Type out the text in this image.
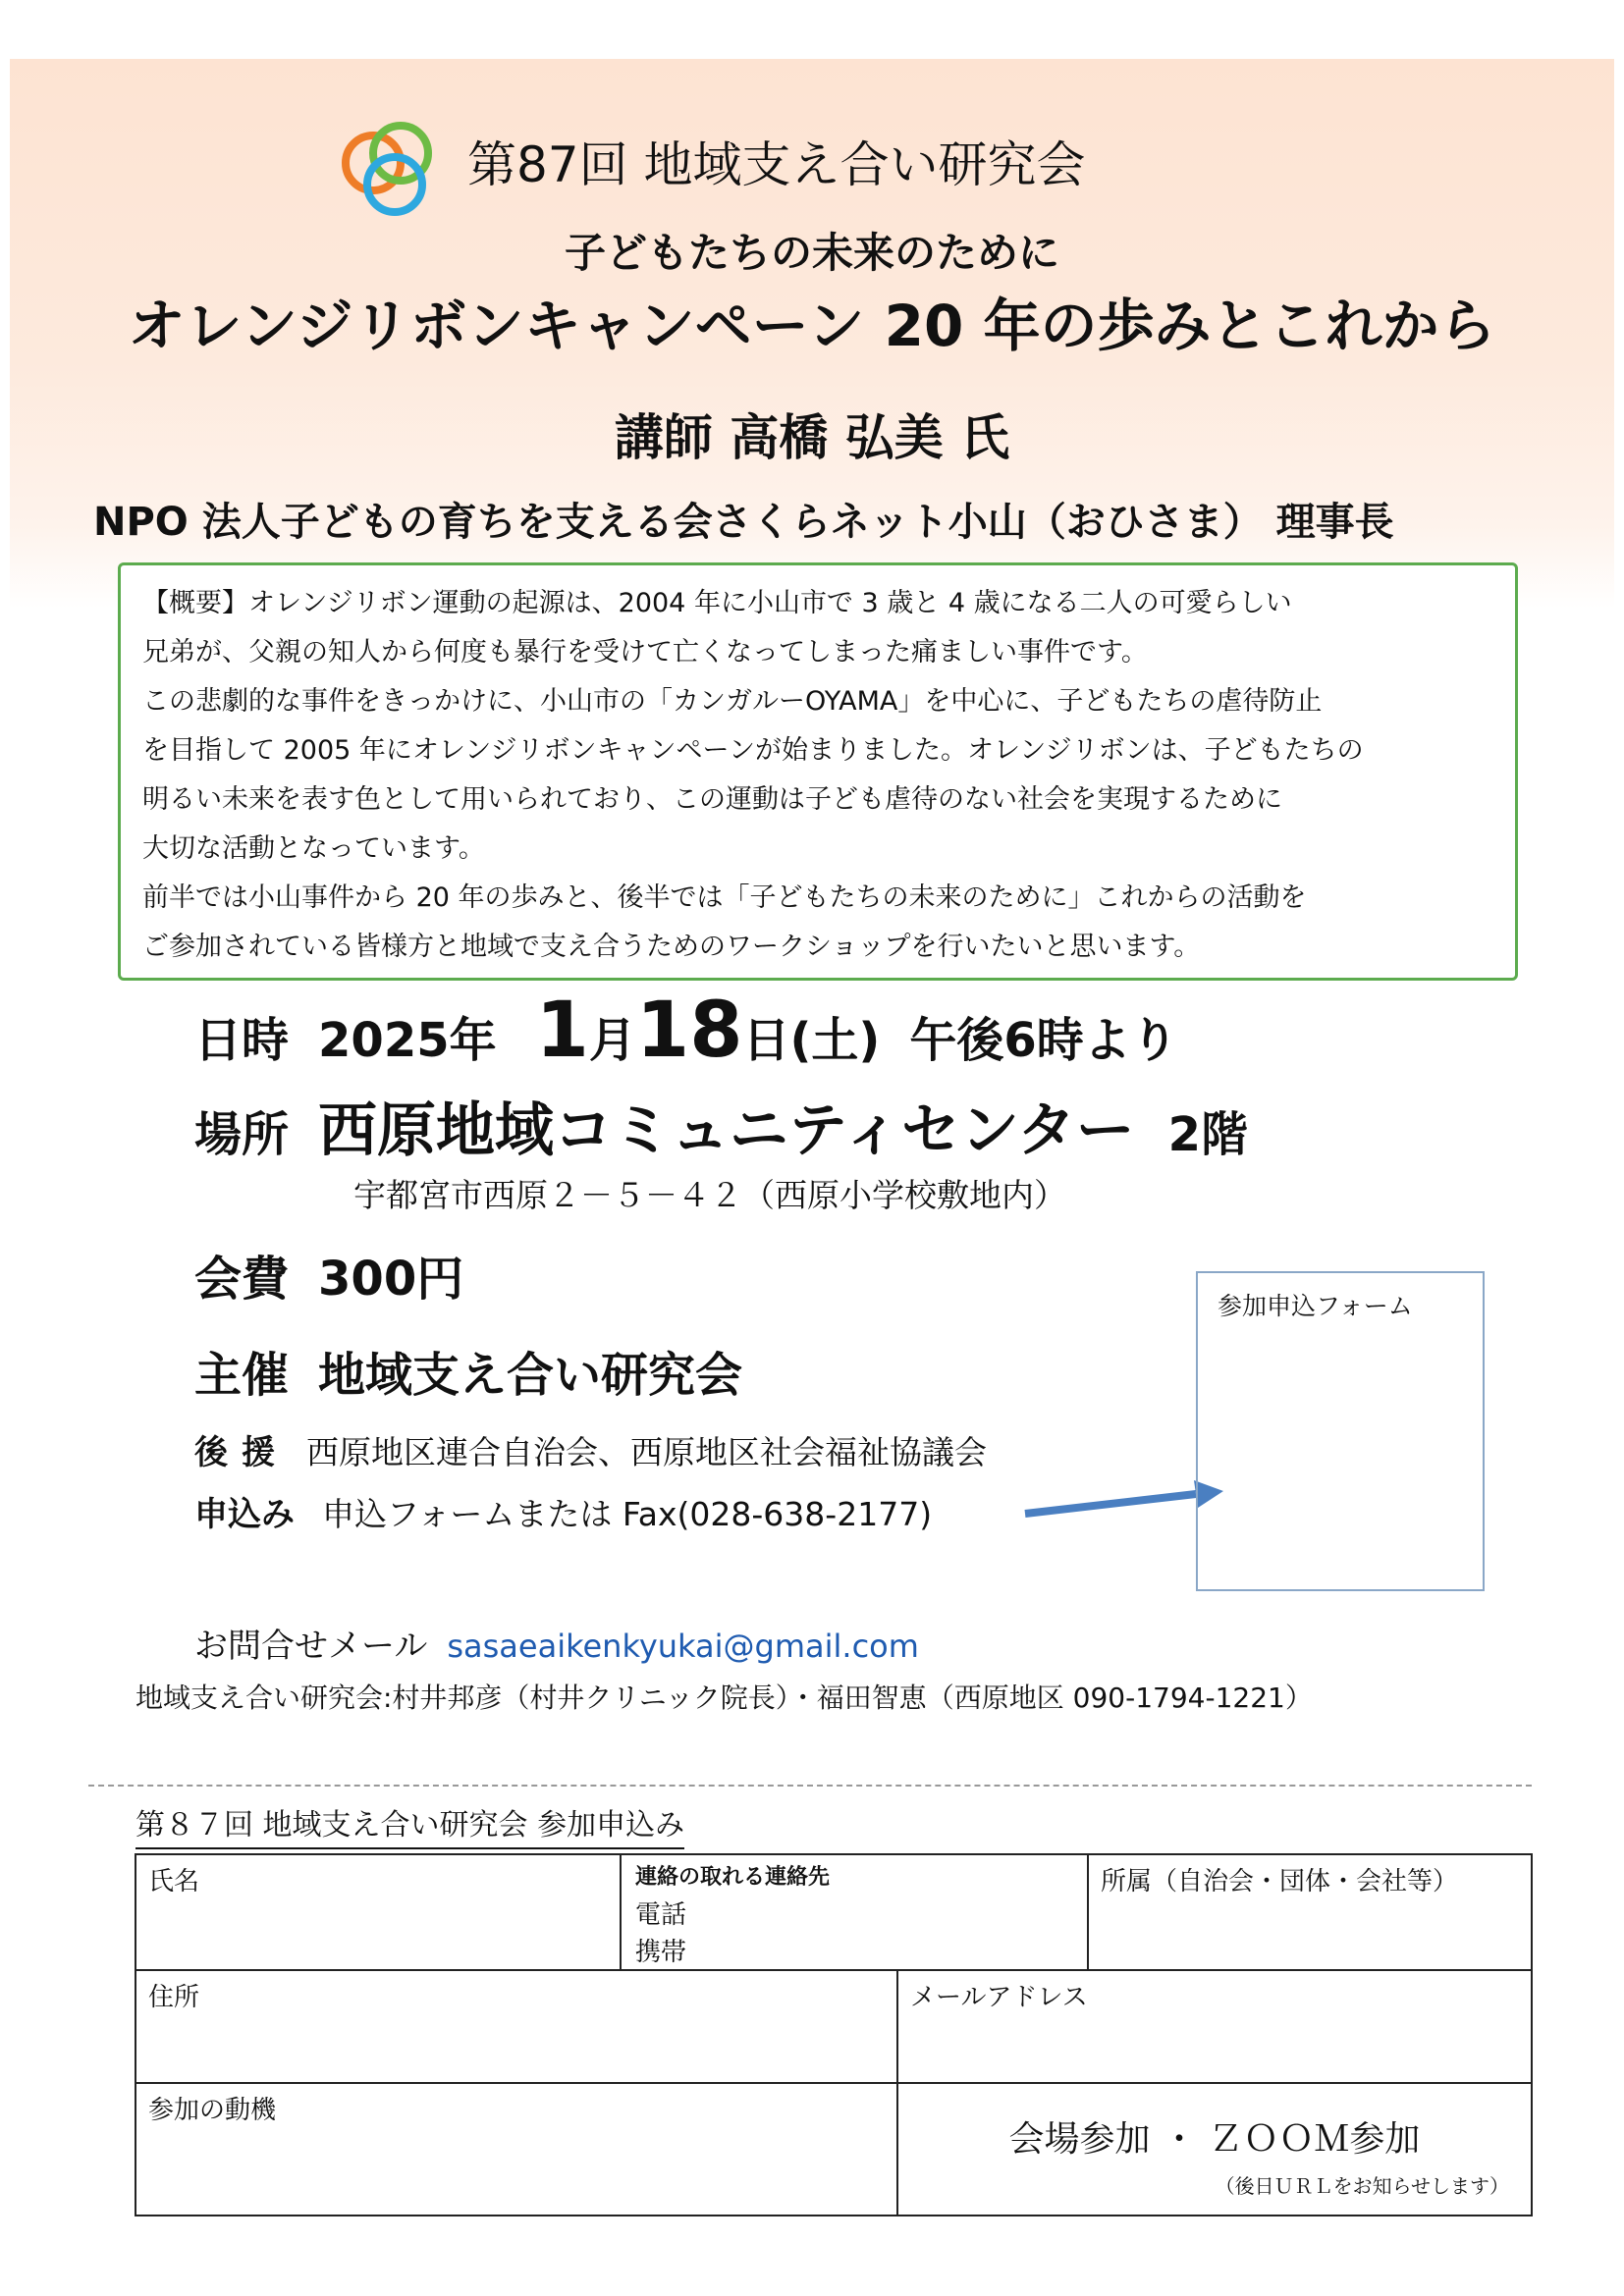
第87回 地域支え合い研究会
子どもたちの未来のために
オレンジリボンキャンペーン 20 年の歩みとこれから
講師 高橋 弘美 氏
NPO 法人子どもの育ちを支える会さくらネット小山（おひさま） 理事長

【概要】オレンジリボン運動の起源は、2004 年に小山市で 3 歳と 4 歳になる二人の可愛らしい

兄弟が、父親の知人から何度も暴行を受けて亡くなってしまった痛ましい事件です。

この悲劇的な事件をきっかけに、小山市の「カンガルーOYAMA」を中心に、子どもたちの虐待防止

を目指して 2005 年にオレンジリボンキャンペーンが始まりました。オレンジリボンは、子どもたちの

明るい未来を表す色として用いられており、この運動は子ども虐待のない社会を実現するために

大切な活動となっています。

前半では小山事件から 20 年の歩みと、後半では「子どもたちの未来のために」これからの活動を

ご参加されている皆様方と地域で支え合うためのワークショップを行いたいと思います。

日時 2025年 1月18日(土) 午後6時より
場所 西原地域コミュニティセンター 2階
宇都宮市西原２－５－４２（西原小学校敷地内）
会費 300円
主催 地域支え合い研究会
後援 西原地区連合自治会、西原地区社会福祉協議会
申込み 申込フォームまたは Fax(028-638-2177)
参加申込フォーム
お問合せメール sasaeaikenkyukai@gmail.com
地域支え合い研究会:村井邦彦（村井クリニック院長）・福田智恵（西原地区 090-1794-1221）
第８７回 地域支え合い研究会 参加申込み
氏名	連絡の取れる連絡先
電話
携帯
所属（自治会・団体・会社等）
住所	メールアドレス
参加の動機
会場参加 ・ ＺＯＯＭ参加
（後日ＵＲＬをお知らせします）
